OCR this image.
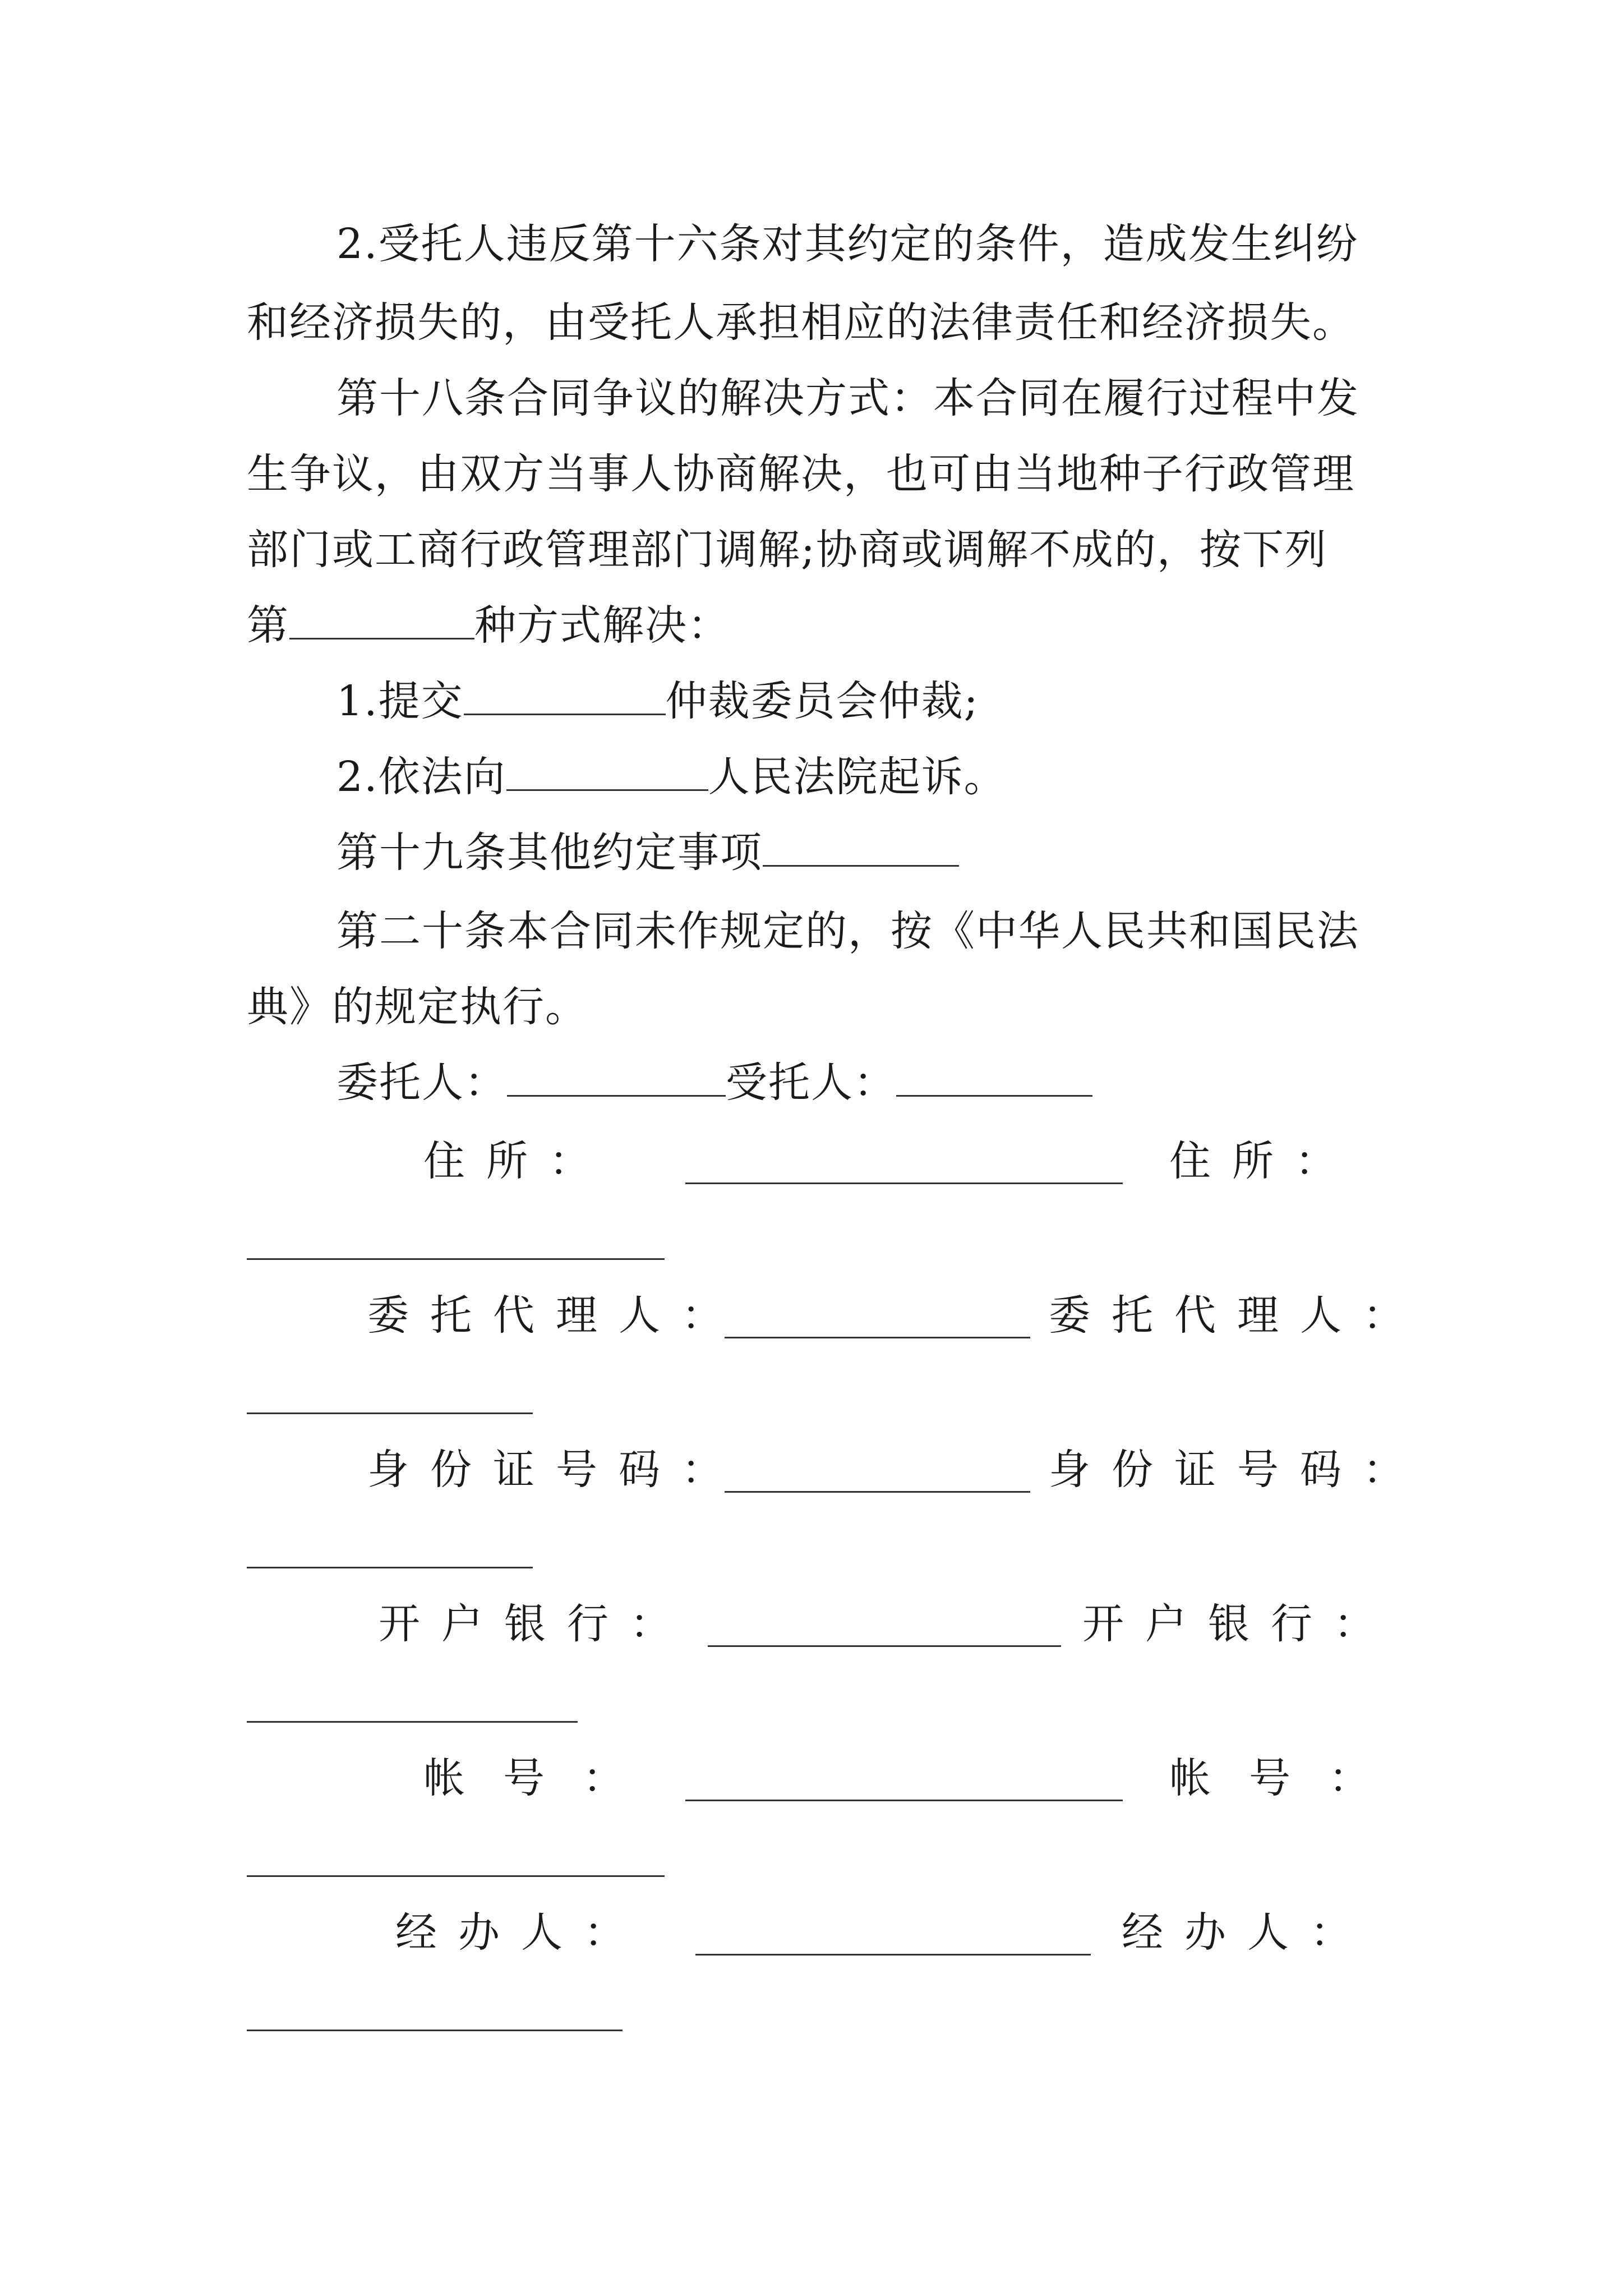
2.受托人违反第十六条对其约定的条件，造成发生纠纷
和经济损失的，由受托人承担相应的法律责任和经济损失。
第十八条合同争议的解决方式：本合同在履行过程中发
生争议，由双方当事人协商解决，也可由当地种子行政管理
部门或工商行政管理部门调解;协商或调解不成的，按下列
第	种方式解决：
1.提交	仲裁委员会仲裁;
2.依法向	人民法院起诉。
第十九条其他约定事项
第二十条本合同未作规定的，按《中华人民共和国民法
典》的规定执行。
委托人：	受托人：
住所：	住所：
委托代理人：	委托代理人：
身份证号码：	身份证号码：
开户银行：	开户银行：
帐号：	帐号：
经办人：	经办人：
